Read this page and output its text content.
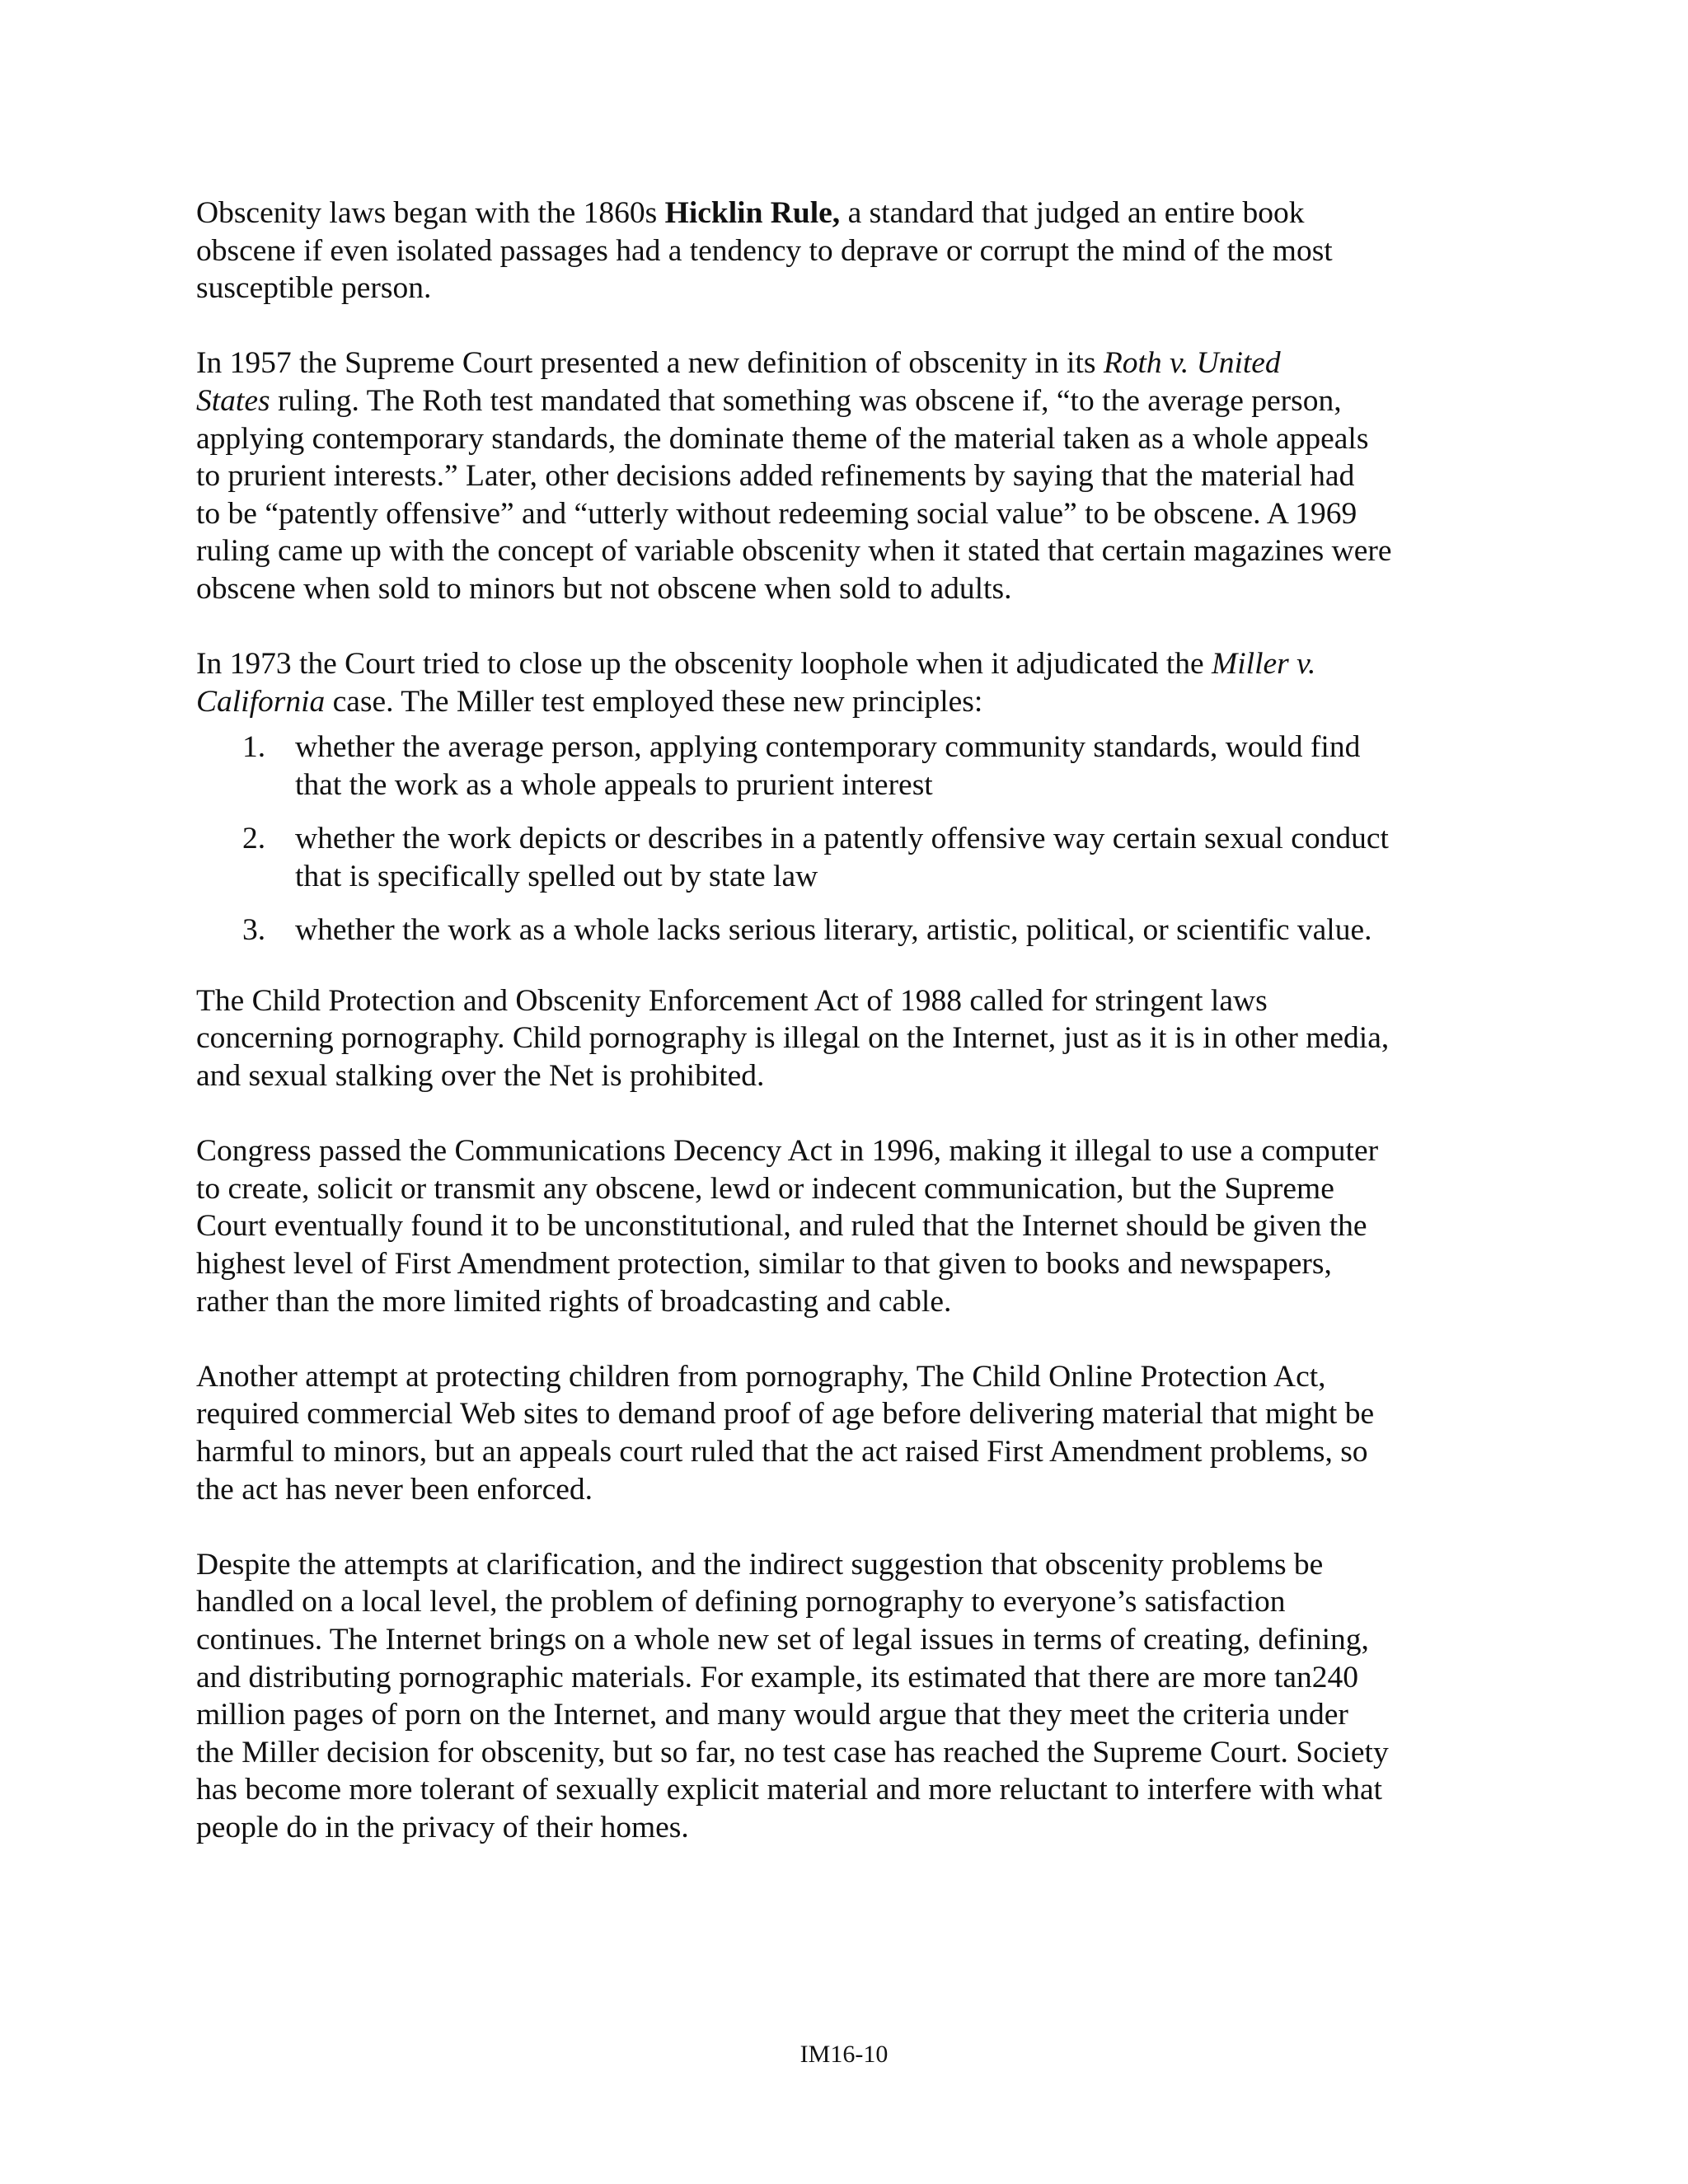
Obscenity laws began with the 1860s Hicklin Rule, a standard that judged an entire book
obscene if even isolated passages had a tendency to deprave or corrupt the mind of the most
susceptible person.

In 1957 the Supreme Court presented a new definition of obscenity in its Roth v. United
States ruling. The Roth test mandated that something was obscene if, “to the average person,
applying contemporary standards, the dominate theme of the material taken as a whole appeals
to prurient interests.” Later, other decisions added refinements by saying that the material had
to be “patently offensive” and “utterly without redeeming social value” to be obscene. A 1969
ruling came up with the concept of variable obscenity when it stated that certain magazines were
obscene when sold to minors but not obscene when sold to adults.

In 1973 the Court tried to close up the obscenity loophole when it adjudicated the Miller v.
California case. The Miller test employed these new principles:

1. whether the average person, applying contemporary community standards, would find
that the work as a whole appeals to prurient interest
2. whether the work depicts or describes in a patently offensive way certain sexual conduct
that is specifically spelled out by state law
3. whether the work as a whole lacks serious literary, artistic, political, or scientific value.

The Child Protection and Obscenity Enforcement Act of 1988 called for stringent laws
concerning pornography. Child pornography is illegal on the Internet, just as it is in other media,
and sexual stalking over the Net is prohibited.

Congress passed the Communications Decency Act in 1996, making it illegal to use a computer
to create, solicit or transmit any obscene, lewd or indecent communication, but the Supreme
Court eventually found it to be unconstitutional, and ruled that the Internet should be given the
highest level of First Amendment protection, similar to that given to books and newspapers,
rather than the more limited rights of broadcasting and cable.

Another attempt at protecting children from pornography, The Child Online Protection Act,
required commercial Web sites to demand proof of age before delivering material that might be
harmful to minors, but an appeals court ruled that the act raised First Amendment problems, so
the act has never been enforced.

Despite the attempts at clarification, and the indirect suggestion that obscenity problems be
handled on a local level, the problem of defining pornography to everyone’s satisfaction
continues. The Internet brings on a whole new set of legal issues in terms of creating, defining,
and distributing pornographic materials. For example, its estimated that there are more tan240
million pages of porn on the Internet, and many would argue that they meet the criteria under
the Miller decision for obscenity, but so far, no test case has reached the Supreme Court. Society
has become more tolerant of sexually explicit material and more reluctant to interfere with what
people do in the privacy of their homes.

IM16-10
